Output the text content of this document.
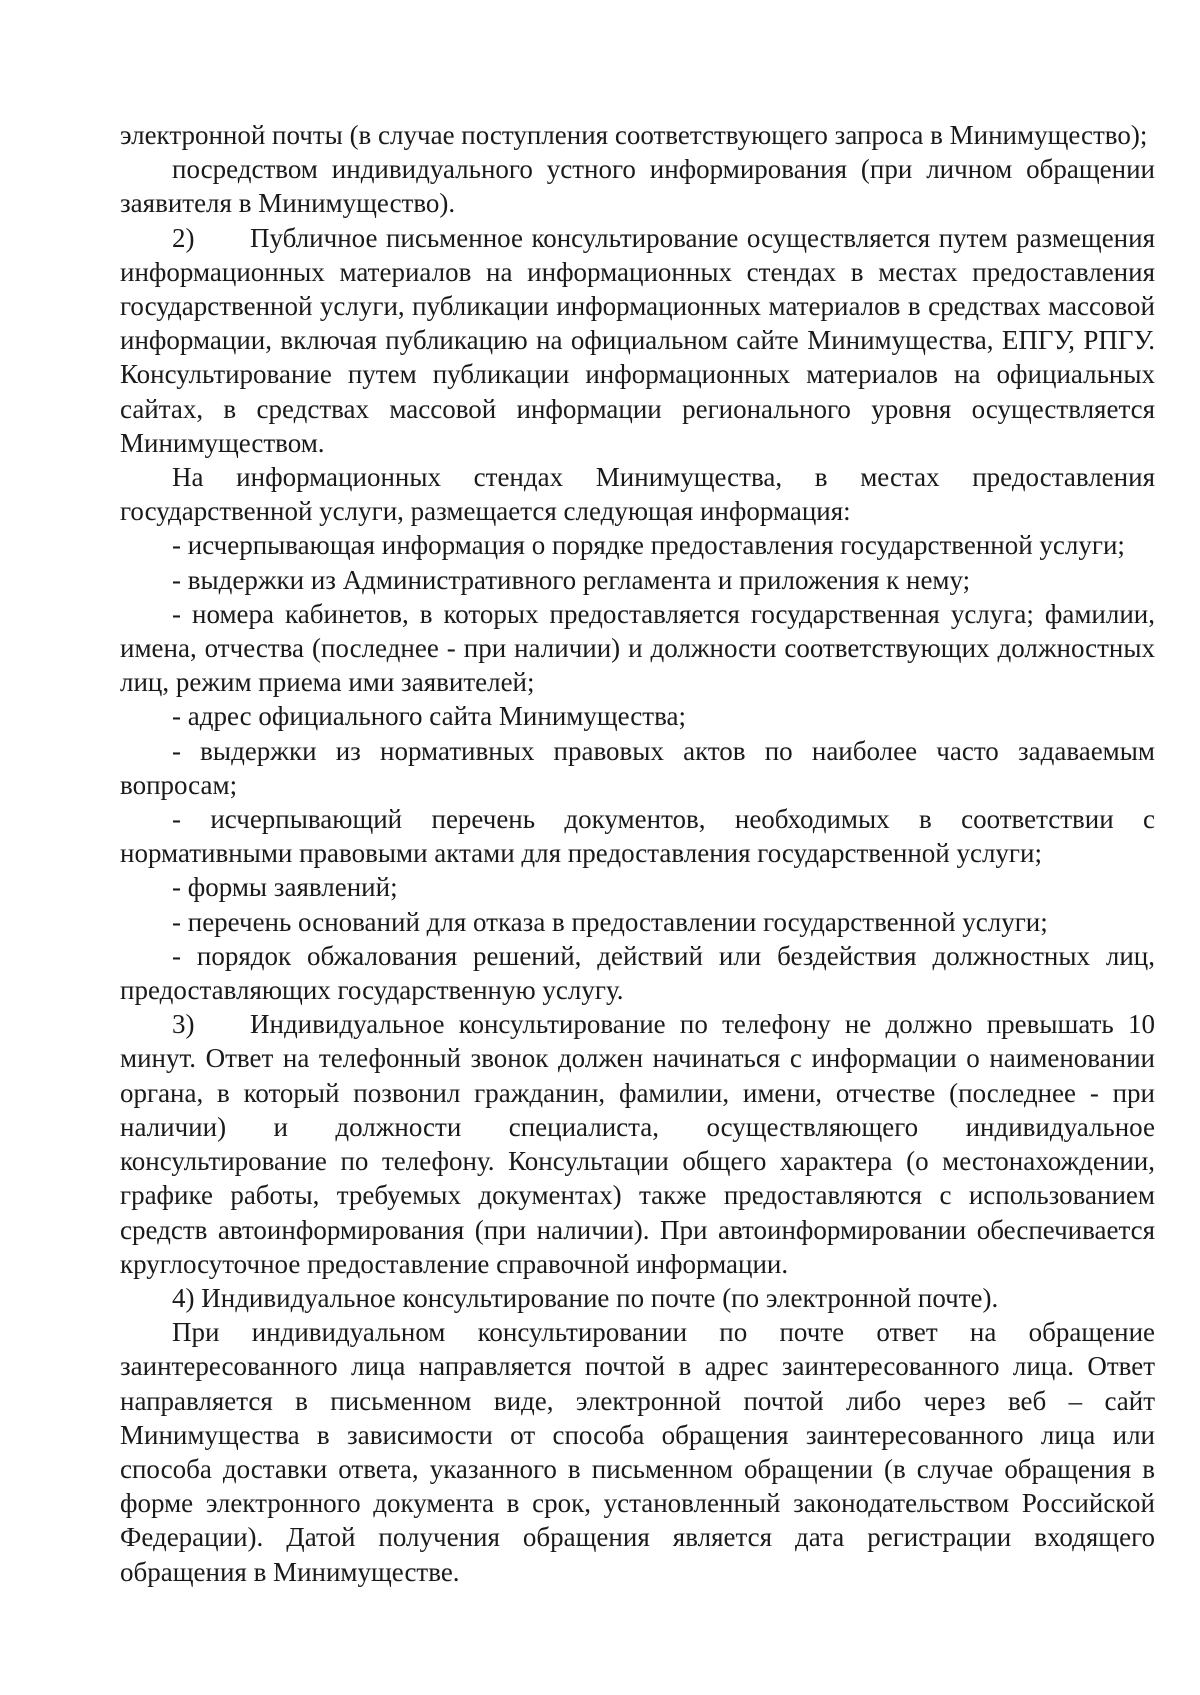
электронной почты (в случае поступления соответствующего запроса в Минимущество);

посредством индивидуального устного информирования (при личном обращении заявителя в Минимущество).

2) Публичное письменное консультирование осуществляется путем размещения информационных материалов на информационных стендах в местах предоставления государственной услуги, публикации информационных материалов в средствах массовой информации, включая публикацию на официальном сайте Минимущества, ЕПГУ, РПГУ. Консультирование путем публикации информационных материалов на официальных сайтах, в средствах массовой информации регионального уровня осуществляется Минимуществом.

На информационных стендах Минимущества, в местах предоставления государственной услуги, размещается следующая информация:

- исчерпывающая информация о порядке предоставления государственной услуги;

- выдержки из Административного регламента и приложения к нему;

- номера кабинетов, в которых предоставляется государственная услуга; фамилии, имена, отчества (последнее - при наличии) и должности соответствующих должностных лиц, режим приема ими заявителей;

- адрес официального сайта Минимущества;

- выдержки из нормативных правовых актов по наиболее часто задаваемым вопросам;

- исчерпывающий перечень документов, необходимых в соответствии с нормативными правовыми актами для предоставления государственной услуги;

- формы заявлений;

- перечень оснований для отказа в предоставлении государственной услуги;

- порядок обжалования решений, действий или бездействия должностных лиц, предоставляющих государственную услугу.

3) Индивидуальное консультирование по телефону не должно превышать 10 минут. Ответ на телефонный звонок должен начинаться с информации о наименовании органа, в который позвонил гражданин, фамилии, имени, отчестве (последнее - при наличии) и должности специалиста, осуществляющего индивидуальное консультирование по телефону. Консультации общего характера (о местонахождении, графике работы, требуемых документах) также предоставляются с использованием средств автоинформирования (при наличии). При автоинформировании обеспечивается круглосуточное предоставление справочной информации.

4) Индивидуальное консультирование по почте (по электронной почте).

При индивидуальном консультировании по почте ответ на обращение заинтересованного лица направляется почтой в адрес заинтересованного лица. Ответ направляется в письменном виде, электронной почтой либо через веб – сайт Минимущества в зависимости от способа обращения заинтересованного лица или способа доставки ответа, указанного в письменном обращении (в случае обращения в форме электронного документа в срок, установленный законодательством Российской Федерации). Датой получения обращения является дата регистрации входящего обращения в Минимуществе.
